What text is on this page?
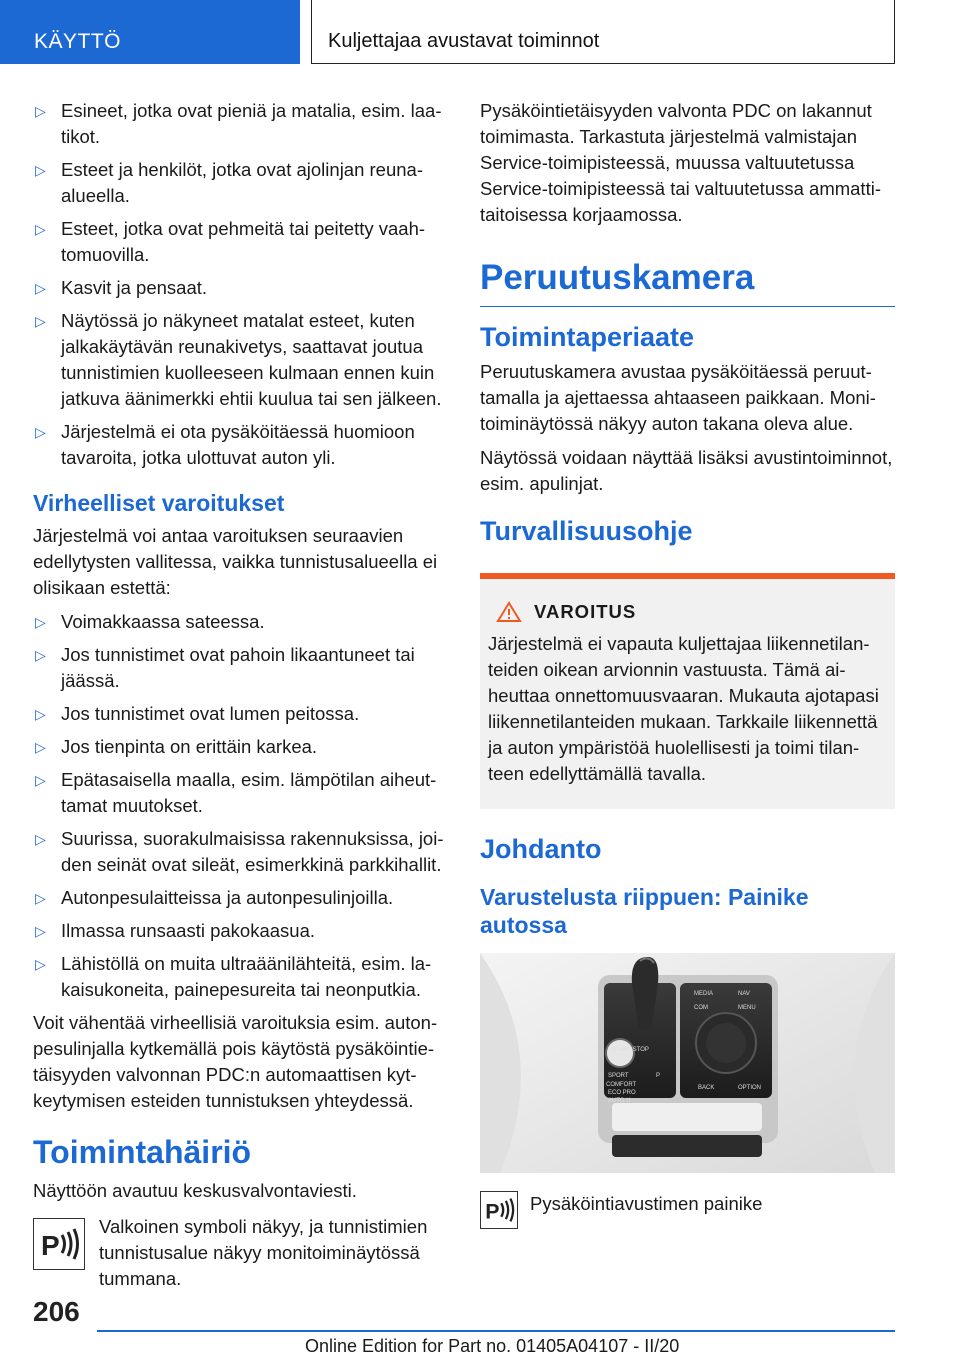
KÄYTTÖ	Kuljettajaa avustavat toiminnot
▷ Esineet, jotka ovat pieniä ja matalia, esim. laatikot.
▷ Esteet ja henkilöt, jotka ovat ajolinjan reunaalueella.
▷ Esteet, jotka ovat pehmeitä tai peitetty vaahtomuovilla.
▷ Kasvit ja pensaat.
▷ Näytössä jo näkyneet matalat esteet, kuten jalkakäytävän reunakivetys, saattavat joutua tunnistimien kuolleeseen kulmaan ennen kuin jatkuva äänimerkki ehtii kuulua tai sen jälkeen.
▷ Järjestelmä ei ota pysäköitäessä huomioon tavaroita, jotka ulottuvat auton yli.
Virheelliset varoitukset

Järjestelmä voi antaa varoituksen seuraavien edellytysten vallitessa, vaikka tunnistusalueella ei olisikaan estettä:

▷ Voimakkaassa sateessa.
▷ Jos tunnistimet ovat pahoin likaantuneet tai jäässä.
▷ Jos tunnistimet ovat lumen peitossa.
▷ Jos tienpinta on erittäin karkea.
▷ Epätasaisella maalla, esim. lämpötilan aiheuttamat muutokset.
▷ Suurissa, suorakulmaisissa rakennuksissa, joiden seinät ovat sileät, esimerkkinä parkkihallit.
▷ Autonpesulaitteissa ja autonpesulinjoilla.
▷ Ilmassa runsaasti pakokaasua.
▷ Lähistöllä on muita ultraäänilähteitä, esim. lakaisukoneita, painepesureita tai neonputkia.

Voit vähentää virheellisiä varoituksia esim. autonpesulinjalla kytkemällä pois käytöstä pysäköintietäisyyden valvonnan PDC:n automaattisen kytkeytymisen esteiden tunnistuksen yhteydessä.

Toimintahäiriö

Näyttöön avautuu keskusvalvontaviesti.

P

Valkoinen symboli näkyy, ja tunnistimien tunnistusalue näkyy monitoiminäytössä tummana.

Pysäköintietäisyyden valvonta PDC on lakannut toimimasta. Tarkastuta järjestelmä valmistajan Service-toimipisteessä, muussa valtuutetussa Service-toimipisteessä tai valtuutetussa ammattitaitoisessa korjaamossa.

Peruutuskamera
Toimintaperiaate

Peruutuskamera avustaa pysäköitäessä peruuttamalla ja ajettaessa ahtaaseen paikkaan. Monitoiminäytössä näkyy auton takana oleva alue.

Näytössä voidaan näyttää lisäksi avustintoiminnot, esim. apulinjat.

Turvallisuusohje
VAROITUS

Järjestelmä ei vapauta kuljettajaa liikennetilanteiden oikean arvionnin vastuusta. Tämä aiheuttaa onnettomuusvaaran. Mukauta ajotapasi liikennetilanteiden mukaan. Tarkkaile liikennettä ja auton ympäristöä huolellisesti ja toimi tilanteen edellyttämällä tavalla.

Johdanto
Varustelusta riippuen: Painike autossa
START STOP
SPORT
COMFORT
ECO PRO
AUTO H
P
MEDIA	NAV
COM
BACK	OPTION
MENU
P Pysäköintiavustimen painike

206
Online Edition for Part no. 01405A04107 - II/20
